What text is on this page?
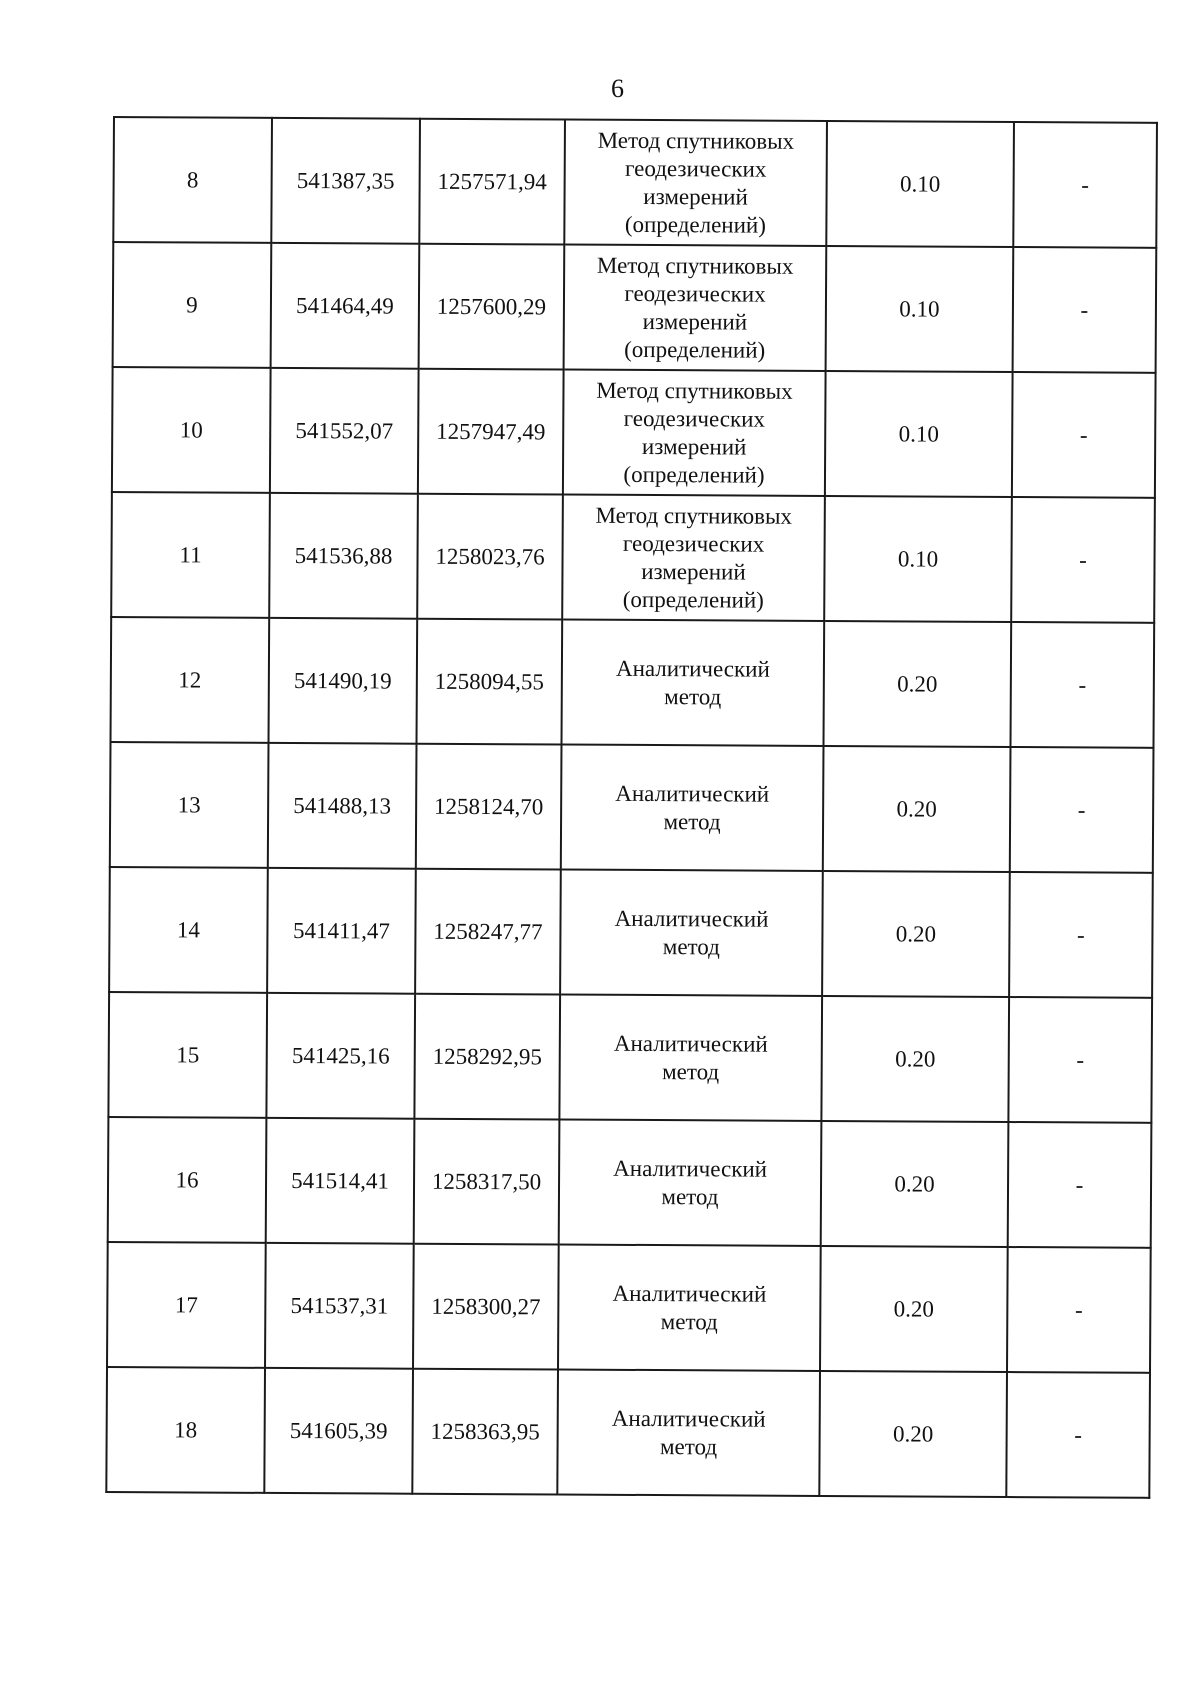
6
8	541387,35	1257571,94	Метод спутниковых
геодезических
измерений
(определений)	0.10	-
9	541464,49	1257600,29	Метод спутниковых
геодезических
измерений
(определений)	0.10	-
10	541552,07	1257947,49	Метод спутниковых
геодезических
измерений
(определений)	0.10	-
11	541536,88	1258023,76	Метод спутниковых
геодезических
измерений
(определений)	0.10	-
12	541490,19	1258094,55	Аналитический
метод	0.20	-
13	541488,13	1258124,70	Аналитический
метод	0.20	-
14	541411,47	1258247,77	Аналитический
метод	0.20	-
15	541425,16	1258292,95	Аналитический
метод	0.20	-
16	541514,41	1258317,50	Аналитический
метод	0.20	-
17	541537,31	1258300,27	Аналитический
метод	0.20	-
18	541605,39	1258363,95	Аналитический
метод	0.20	-
